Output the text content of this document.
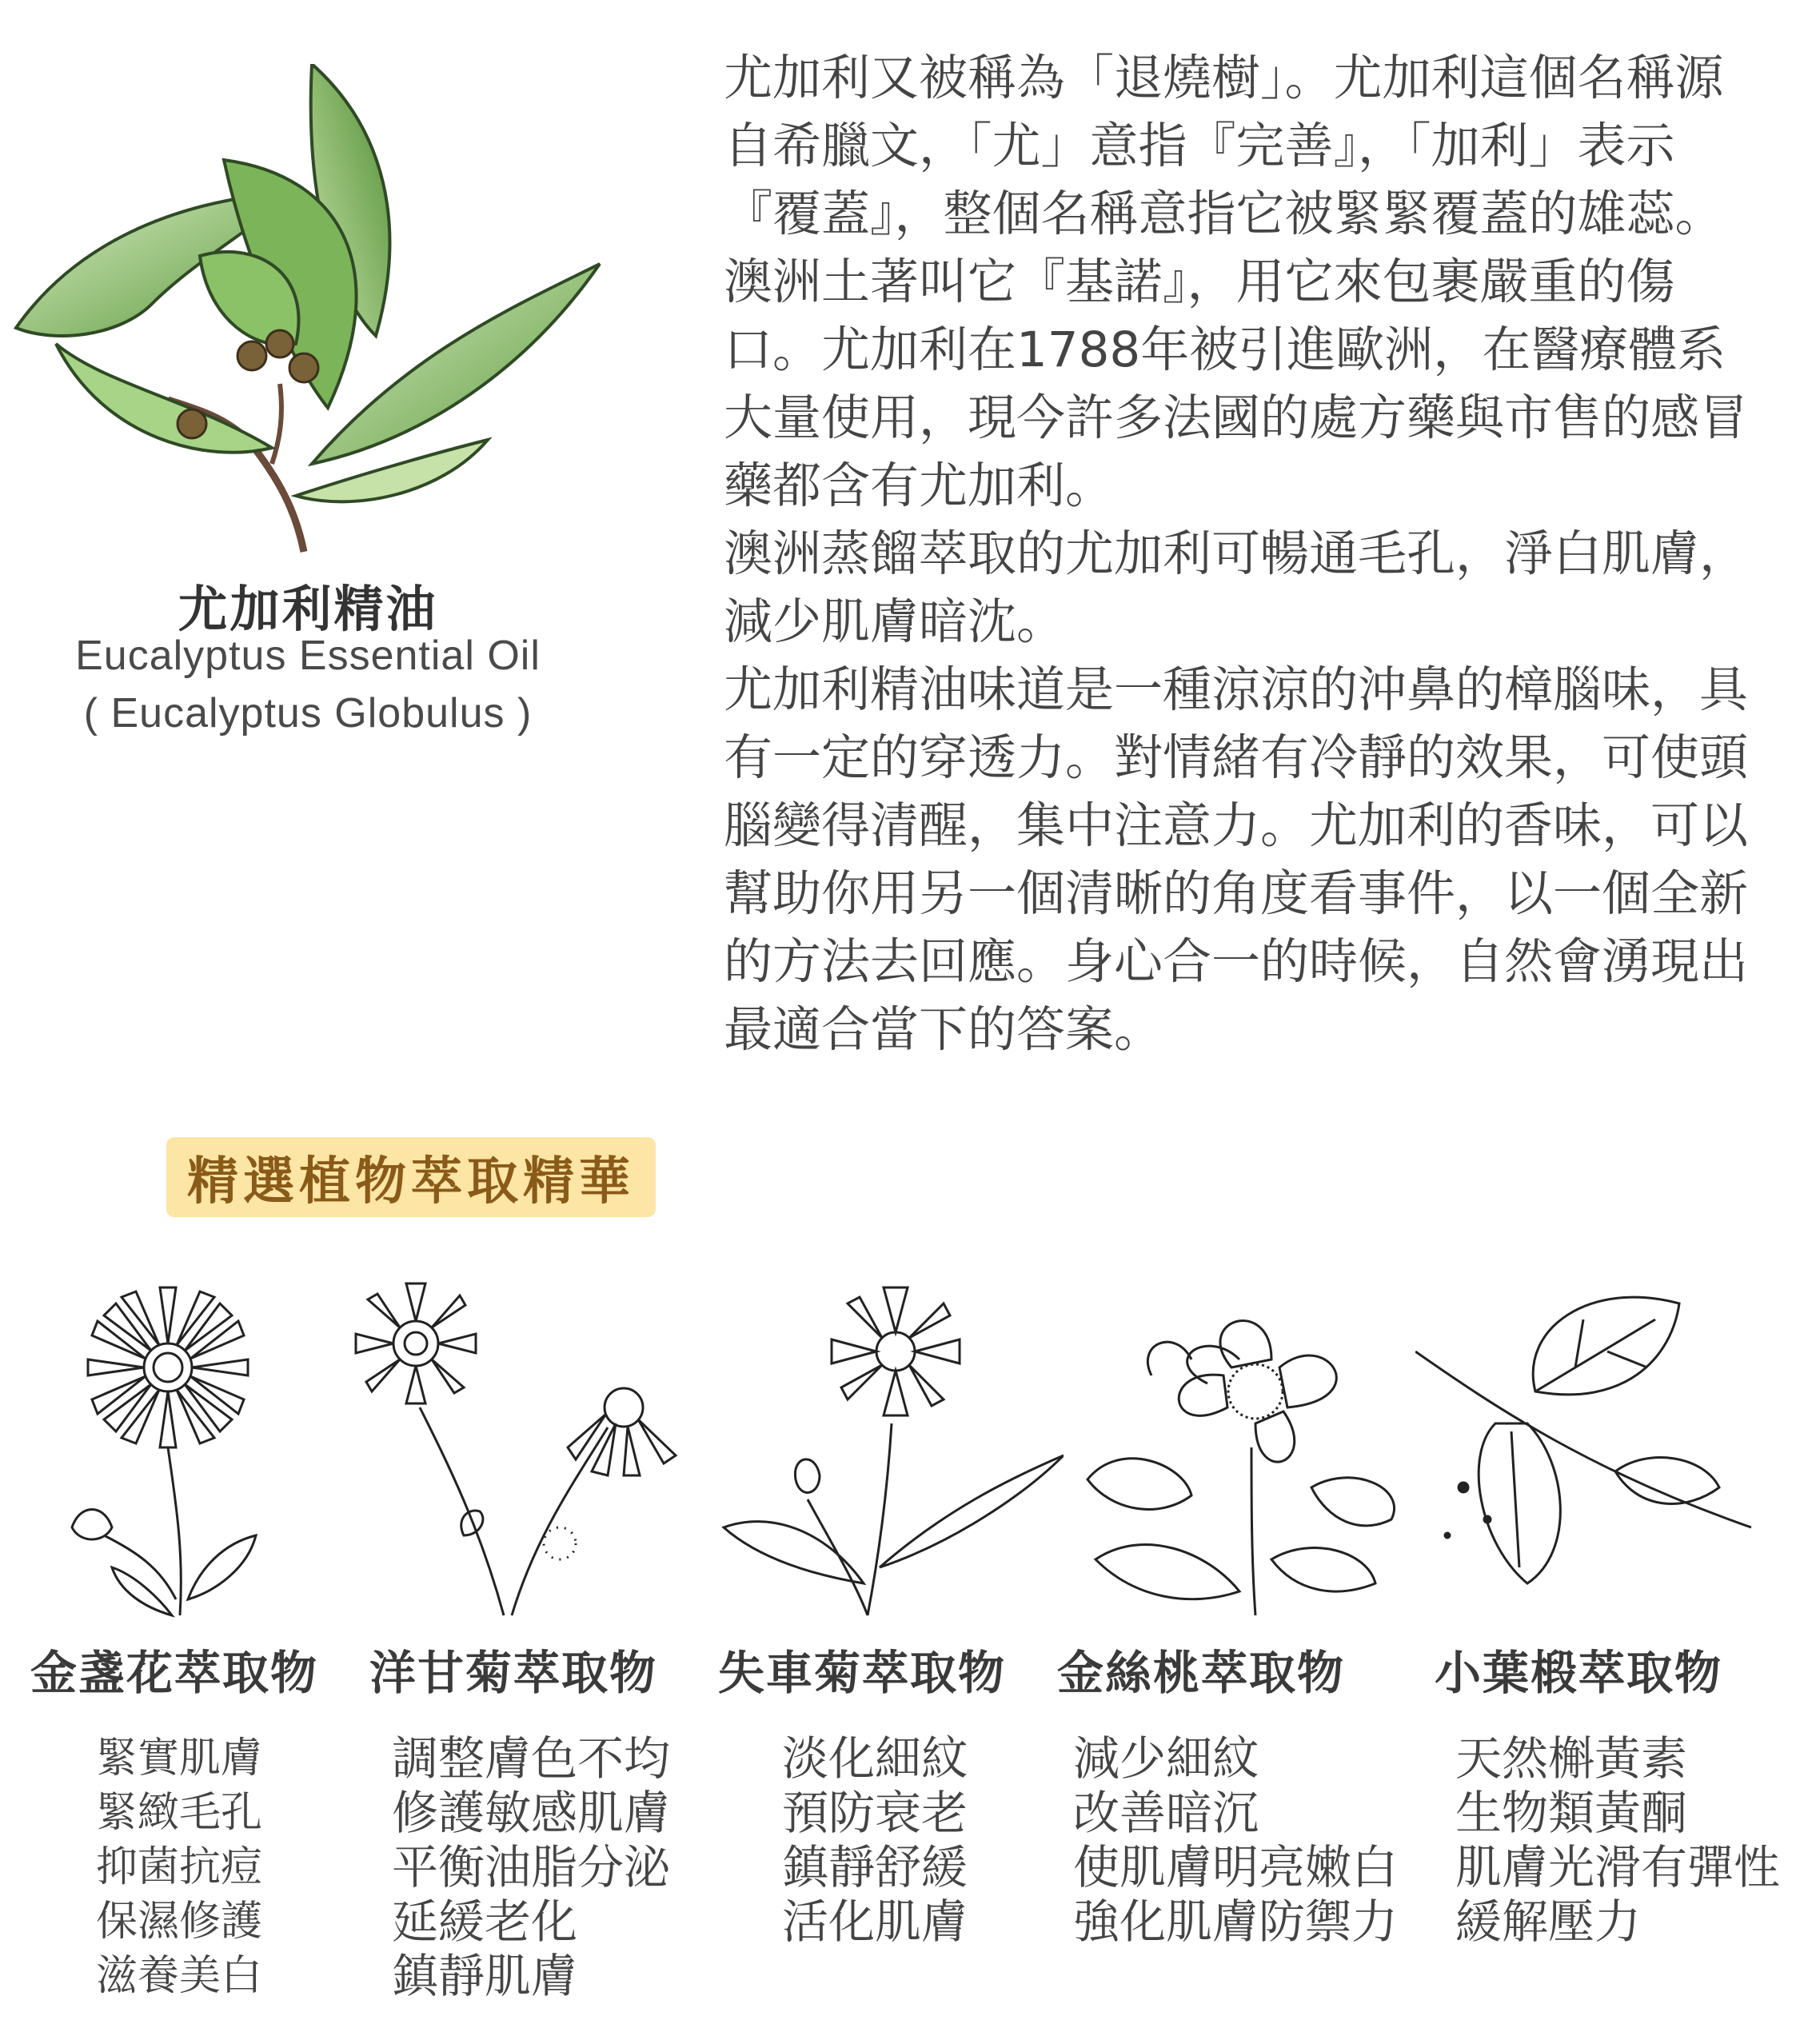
尤加利精油
Eucalyptus Essential Oil
( Eucalyptus Globulus )

尤加利又被稱為「退燒樹」。尤加利這個名稱源自希臘文，「尤」意指『完善』，「加利」表示『覆蓋』，整個名稱意指它被緊緊覆蓋的雄蕊。澳洲土著叫它『基諾』，用它來包裹嚴重的傷口。尤加利在1788年被引進歐洲，在醫療體系大量使用，現今許多法國的處方藥與市售的感冒藥都含有尤加利。

澳洲蒸餾萃取的尤加利可暢通毛孔，淨白肌膚，減少肌膚暗沈。

尤加利精油味道是一種涼涼的沖鼻的樟腦味，具有一定的穿透力。對情緒有冷靜的效果，可使頭腦變得清醒，集中注意力。尤加利的香味，可以幫助你用另一個清晰的角度看事件，以一個全新的方法去回應。身心合一的時候，自然會湧現出最適合當下的答案。

精選植物萃取精華
金盞花萃取物 洋甘菊萃取物 失車菊萃取物 金絲桃萃取物 小葉椴萃取物
緊實肌膚
緊緻毛孔
抑菌抗痘
保濕修護
滋養美白
調整膚色不均
修護敏感肌膚
平衡油脂分泌
延緩老化
鎮靜肌膚
淡化細紋
預防衰老
鎮靜舒緩
活化肌膚
減少細紋
改善暗沉
使肌膚明亮嫩白
強化肌膚防禦力
天然槲黃素
生物類黃酮
肌膚光滑有彈性
緩解壓力
